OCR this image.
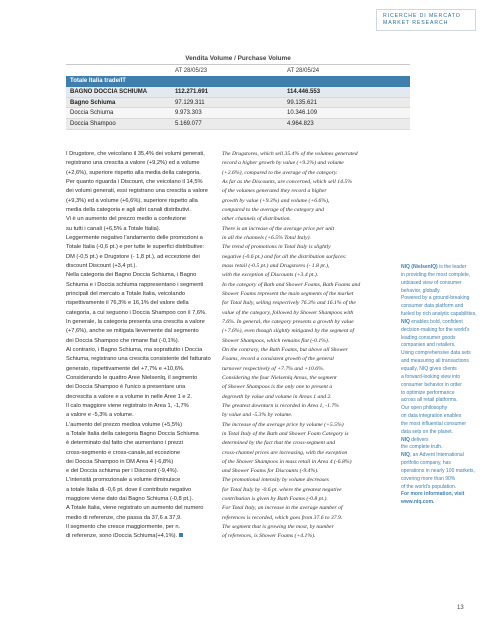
RICERCHE DI MERCATO
MARKET RESEARCH
Vendita Volume / Purchase Volume
AT 28/05/23	AT 28/05/24
Totale Italia trade/IT
BAGNO DOCCIA SCHIUMA	112.271.691	114.446.553
Bagno Schiuma	97.129.311	99.135.621
Doccia Schiuma	9.973.303	10.346.109
Doccia Shampoo	5.169.077	4.964.823
I Drugstore, che veicolano il 35,4% dei volumi generati,
registrano una crescita a valore (+9,2%) ed a volume
(+2,6%), superiore rispetto alla media della categoria.
Per quanto riguarda i Discount, che veicolano il 14,5%
dei volumi generati, essi registrano una crescita a valore
(+9,3%) ed a volume (+6,6%), superiore rispetto alla
media della categoria e agli altri canali distributivi.
Vi è un aumento del prezzo medio a confezione
su tutti i canali (+6,5% a Totale Italia).
Leggermente negativo l'andamento delle promozioni a
Totale Italia (-0,6 pt.) e per tutte le superfici distributive:
DM (-0,5 pt.) e Drugstore (- 1,8 pt.), ad eccezione dei
discount Discount (+3,4 pt.).
Nella categoria dei Bagno Doccia Schiuma, i Bagno
Schiuma e i Doccia schiuma rappresentano i segmenti
principali del mercato a Totale Italia, veicolando
rispettivamente il 76,3% e 16,1% del valore della
categoria, a cui seguono i Doccia Shampoo con il 7,6%.
In generale, la categoria presenta una crescita a valore
(+7,6%), anche se mitigata lievemente dal segmento
dei Doccia Shampoo che rimane flat (-0,1%).
Al contrario, i Bagno Schiuma, ma soprattutto i Doccia
Schiuma, registrano una crescita consistente del fatturato
generato, rispettivamente del +7,7% e +10,6%.
Considerando le quattro Aree Nielsenlq, il segmento
dei Doccia Shampoo è l'unico a presentare una
decrescita a valore e a volume in nelle Aree 1 e 2.
Il calo maggiore viene registrato in Area 1, -1,7%
a valore e -5,3% a volume.
L'aumento del prezzo medioa volume (+5,5%)
a Totale Italia della categoria Bagno Doccia Schiuma
è determinato dal fatto che aumentano i prezzi
cross-segmento e cross-canale,ad eccezione
dei Doccia Shampoo in DM Area 4 (-6,8%)
e dei Doccia schiuma per i Discount (-9,4%).
L'intensità promozionale a volume diminuisce
a totale Italia di -0,6 pt. dove il contributo negativo
maggiore viene dato dai Bagno Schiuma (-0,8 pt.).
A Totale Italia, viene registrato un aumento del numero
medio di referenze, che passa da 37,6 a 37,9.
Il segmento che cresce maggiormente, per n.
di referenze, sono iDoccia Schiuma(+4,1%).
The Drugstores, which sell 35.4% of the volumes generated
record a higher growth by value (+9.2%) and volume
(+2.6%), compared to the average of the category.
As far as the Discounts, are concerned, which sell 14.5%
of the volumes generated they record a higher
growth by value (+9.3%) and volume (+6.6%),
compared to the average of the category and
other channels of distribution.
There is an increase of the average price per unit
in all the channels (+6.5% Total Italy).
The trend of promotions in Total Italy is slightly
negative (-0.6 pt.) and for all the distribution surfaces:
mass retail (-0.5 pt.) and Drugstores (- 1.8 pt.),
with the exception of Discounts (+3.4 pt.).
In the category of Bath and Shower Foams, Bath Foams and
Shower Foams represent the main segments of the market
for Total Italy, selling respectively 76.3% and 16.1% of the
value of the category, followed by Shower Shampoos with
7.6%. In general, the category presents a growth by value
(+7.6%), even though slightly mitigated by the segment of
Shower Shampoos, which remains flat (-0.1%).
On the contrary, the Bath Foams, but above all Shower
Foams, record a consistent growth of the general
turnover respectively of +7.7% and +10.6%.
Considering the four Nielsenlq Areas, the segment
of Shower Shampoos is the only one to present a
degrowth by value and volume in Areas 1 and 2.
The greatest downturn is recorded in Area 1, -1.7%
by value and -5.3% by volume.
The increase of the average price by volume (+5.5%)
in Total Italy of the Bath and Shower Foam Category is
determined by the fact that the cross-segment and
cross-channel prices are increasing, with the exception
of the Shower Shampoos in mass retail in Area 4 (-6.8%)
and Shower Foams for Discounts (-9.4%).
The promotional intensity by volume decreases
for Total Italy by -0.6 pt. where the greatest negative
contribution is given by Bath Foams (-0.8 pt.).
For Total Italy, an increase in the average number of
references is recorded, which goes from 37.6 to 37.9.
The segment that is growing the most, by number
of references, is Shower Foams (+4.1%).
NIQ (NielsenIQ) is the leader
in providing the most complete,
unbiased view of consumer
behavior, globally.
Powered by a ground-breaking
consumer data platform and
fueled by rich analytic capabilities,
NIQ enables bold, confident
decision-making for the world's
leading consumer goods
companies and retailers.
Using comprehensive data sets
and measuring all transactions
equally, NIQ gives clients
a forward-looking view into
consumer behavior in order
to optimize performance
across all retail platforms.
Our open philosophy
on data integration enables
the most influential consumer
data sets on the planet.
NIQ delivers
the complete truth.
NIQ, an Advent International
portfolio company, has
operations in nearly 100 markets,
covering more than 90%
of the world's population.
For more information, visit
www.niq.com.
13
